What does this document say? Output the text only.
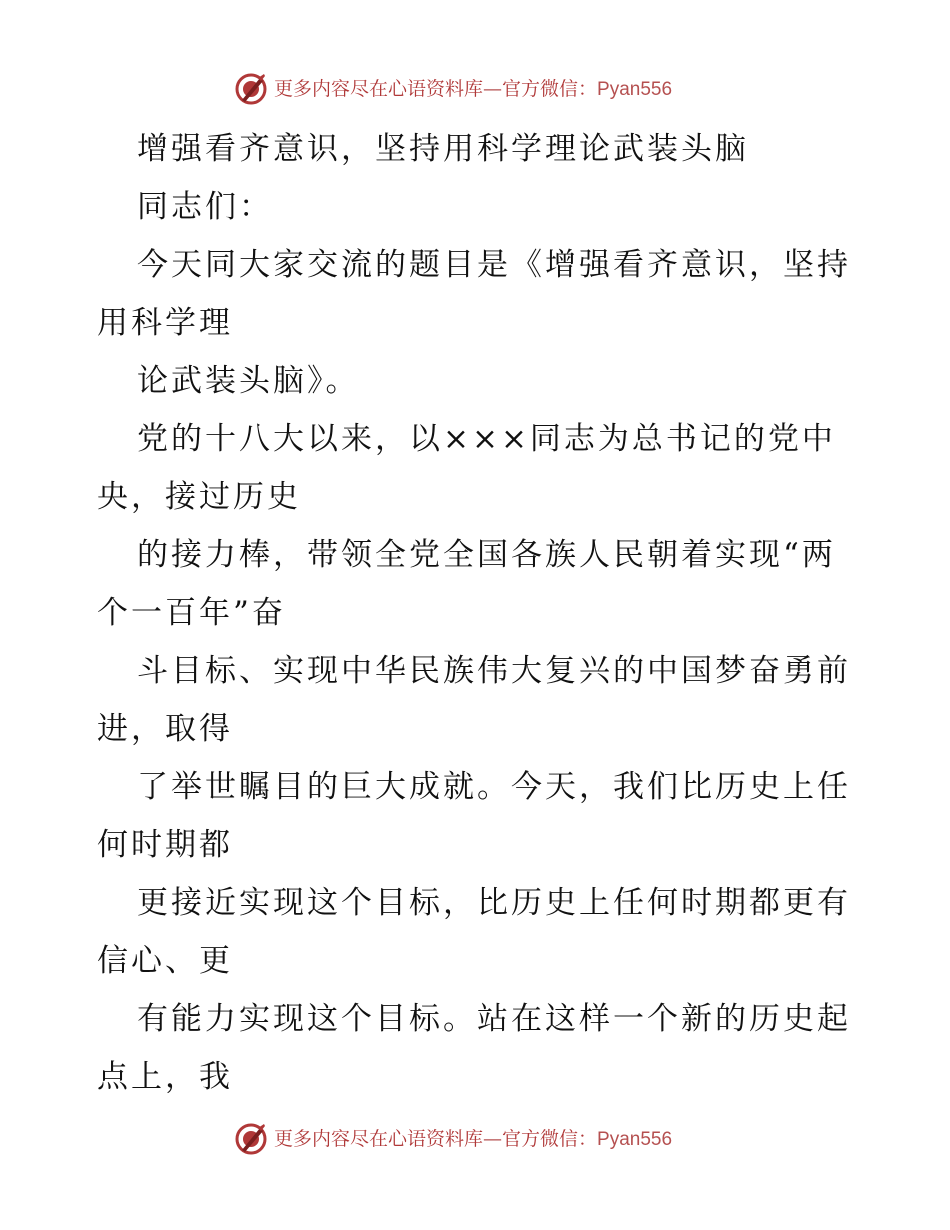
更多内容尽在心语资料库—官方微信：Pyan556

增强看齐意识，坚持用科学理论武装头脑

同志们：

今天同大家交流的题目是《增强看齐意识，坚持用科学理

论武装头脑》。

党的十八大以来，以×××同志为总书记的党中央，接过历史

的接力棒，带领全党全国各族人民朝着实现“两个一百年”奋

斗目标、实现中华民族伟大复兴的中国梦奋勇前进，取得

了举世瞩目的巨大成就。今天，我们比历史上任何时期都

更接近实现这个目标，比历史上任何时期都更有信心、更

有能力实现这个目标。站在这样一个新的历史起点上，我

更多内容尽在心语资料库—官方微信：Pyan556
